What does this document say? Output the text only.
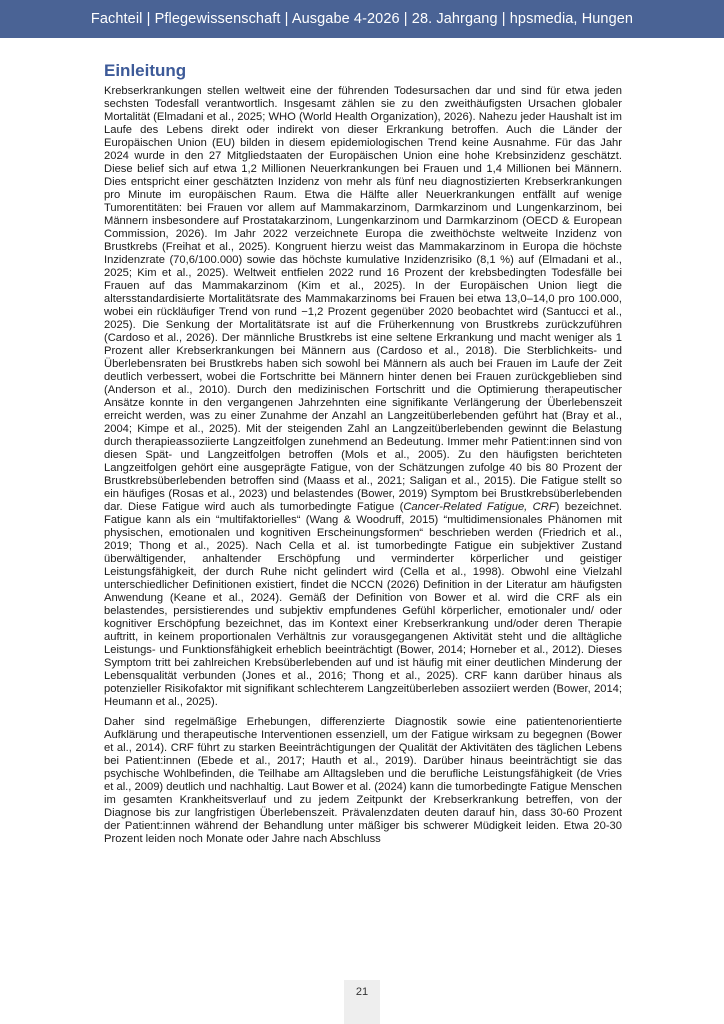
Fachteil | Pflegewissenschaft | Ausgabe 4-2026 | 28. Jahrgang | hpsmedia, Hungen
Einleitung

Krebserkrankungen stellen weltweit eine der führenden Todesursachen dar und sind für etwa jeden sechsten Todesfall verantwortlich. Insgesamt zählen sie zu den zweithäufigsten Ursachen globaler Mortalität (Elmadani et al., 2025; WHO (World Health Organization), 2026). Nahezu jeder Haushalt ist im Laufe des Lebens direkt oder indirekt von dieser Erkrankung betroffen. Auch die Länder der Europäischen Union (EU) bilden in diesem epidemiologischen Trend keine Ausnahme. Für das Jahr 2024 wurde in den 27 Mitgliedstaaten der Europäischen Union eine hohe Krebsinzidenz geschätzt. Diese belief sich auf etwa 1,2 Millionen Neuerkrankungen bei Frauen und 1,4 Millionen bei Männern. Dies entspricht einer geschätzten Inzidenz von mehr als fünf neu diagnostizierten Krebserkrankungen pro Minute im europäischen Raum. Etwa die Hälfte aller Neuerkrankungen entfällt auf wenige Tumorentitäten: bei Frauen vor allem auf Mammakarzinom, Darmkarzinom und Lungenkarzinom, bei Männern insbesondere auf Prostatakarzinom, Lungenkarzinom und Darmkarzinom (OECD & European Commission, 2026). Im Jahr 2022 verzeichnete Europa die zweithöchste weltweite Inzidenz von Brustkrebs (Freihat et al., 2025). Kongruent hierzu weist das Mammakarzinom in Europa die höchste Inzidenzrate (70,6/100.000) sowie das höchste kumulative Inzidenzrisiko (8,1 %) auf (Elmadani et al., 2025; Kim et al., 2025). Weltweit entfielen 2022 rund 16 Prozent der krebsbedingten Todesfälle bei Frauen auf das Mammakarzinom (Kim et al., 2025). In der Europäischen Union liegt die altersstandardisierte Mortalitätsrate des Mammakarzinoms bei Frauen bei etwa 13,0–14,0 pro 100.000, wobei ein rückläufiger Trend von rund −1,2 Prozent gegenüber 2020 beobachtet wird (Santucci et al., 2025). Die Senkung der Mortalitätsrate ist auf die Früherkennung von Brustkrebs zurückzuführen (Cardoso et al., 2026). Der männliche Brustkrebs ist eine seltene Erkrankung und macht weniger als 1 Prozent aller Krebserkrankungen bei Männern aus (Cardoso et al., 2018). Die Sterblichkeits- und Überlebensraten bei Brustkrebs haben sich sowohl bei Männern als auch bei Frauen im Laufe der Zeit deutlich verbessert, wobei die Fortschritte bei Männern hinter denen bei Frauen zurückgeblieben sind (Anderson et al., 2010). Durch den medizinischen Fortschritt und die Optimierung therapeutischer Ansätze konnte in den vergangenen Jahrzehnten eine signifikante Verlängerung der Überlebenszeit erreicht werden, was zu einer Zunahme der Anzahl an Langzeitüberlebenden geführt hat (Bray et al., 2004; Kimpe et al., 2025). Mit der steigenden Zahl an Langzeitüberlebenden gewinnt die Belastung durch therapieassoziierte Langzeitfolgen zunehmend an Bedeutung. Immer mehr Patient:innen sind von diesen Spät- und Langzeitfolgen betroffen (Mols et al., 2005). Zu den häufigsten berichteten Langzeitfolgen gehört eine ausgeprägte Fatigue, von der Schätzungen zufolge 40 bis 80 Prozent der Brustkrebsüberlebenden betroffen sind (Maass et al., 2021; Saligan et al., 2015). Die Fatigue stellt so ein häufiges (Rosas et al., 2023) und belastendes (Bower, 2019) Symptom bei Brustkrebsüberlebenden dar. Diese Fatigue wird auch als tumorbedingte Fatigue (Cancer-Related Fatigue, CRF) bezeichnet. Fatigue kann als ein “multifaktorielles“ (Wang & Woodruff, 2015) “multidimensionales Phänomen mit physischen, emotionalen und kognitiven Erscheinungsformen“ beschrieben werden (Friedrich et al., 2019; Thong et al., 2025). Nach Cella et al. ist tumorbedingte Fatigue ein subjektiver Zustand überwältigender, anhaltender Erschöpfung und verminderter körperlicher und geistiger Leistungsfähigkeit, der durch Ruhe nicht gelindert wird (Cella et al., 1998). Obwohl eine Vielzahl unterschiedlicher Definitionen existiert, findet die NCCN (2026) Definition in der Literatur am häufigsten Anwendung (Keane et al., 2024). Gemäß der Definition von Bower et al. wird die CRF als ein belastendes, persistierendes und subjektiv empfundenes Gefühl körperlicher, emotionaler und/ oder kognitiver Erschöpfung bezeichnet, das im Kontext einer Krebserkrankung und/oder deren Therapie auftritt, in keinem proportionalen Verhältnis zur vorausgegangenen Aktivität steht und die alltägliche Leistungs- und Funktionsfähigkeit erheblich beeinträchtigt (Bower, 2014; Horneber et al., 2012). Dieses Symptom tritt bei zahlreichen Krebsüberlebenden auf und ist häufig mit einer deutlichen Minderung der Lebensqualität verbunden (Jones et al., 2016; Thong et al., 2025). CRF kann darüber hinaus als potenzieller Risikofaktor mit signifikant schlechterem Langzeitüberleben assoziiert werden (Bower, 2014; Heumann et al., 2025).

Daher sind regelmäßige Erhebungen, differenzierte Diagnostik sowie eine patientenorientierte Aufklärung und therapeutische Interventionen essenziell, um der Fatigue wirksam zu begegnen (Bower et al., 2014). CRF führt zu starken Beeinträchtigungen der Qualität der Aktivitäten des täglichen Lebens bei Patient:innen (Ebede et al., 2017; Hauth et al., 2019). Darüber hinaus beeinträchtigt sie das psychische Wohlbefinden, die Teilhabe am Alltagsleben und die berufliche Leistungsfähigkeit (de Vries et al., 2009) deutlich und nachhaltig. Laut Bower et al. (2024) kann die tumorbedingte Fatigue Menschen im gesamten Krankheitsverlauf und zu jedem Zeitpunkt der Krebserkrankung betreffen, von der Diagnose bis zur langfristigen Überlebenszeit. Prävalenzdaten deuten darauf hin, dass 30-60 Prozent der Patient:innen während der Behandlung unter mäßiger bis schwerer Müdigkeit leiden. Etwa 20-30 Prozent leiden noch Monate oder Jahre nach Abschluss

21
